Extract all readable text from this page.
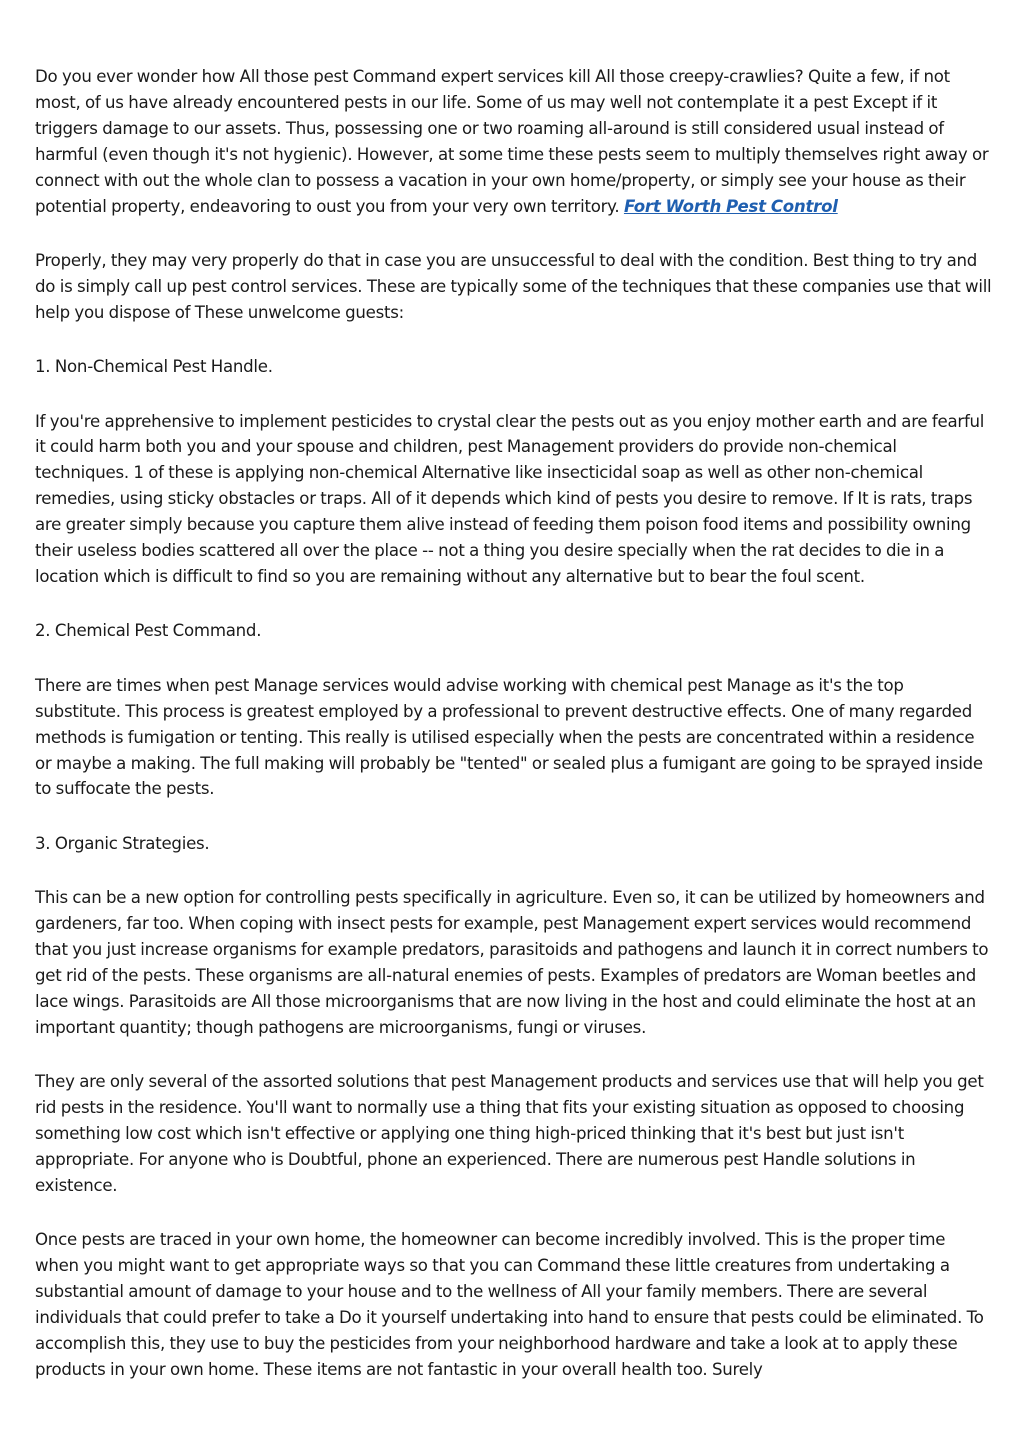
Do you ever wonder how All those pest Command expert services kill All those creepy-crawlies? Quite a few, if not most, of us have already encountered pests in our life. Some of us may well not contemplate it a pest Except if it triggers damage to our assets. Thus, possessing one or two roaming all-around is still considered usual instead of harmful (even though it's not hygienic). However, at some time these pests seem to multiply themselves right away or connect with out the whole clan to possess a vacation in your own home/property, or simply see your house as their potential property, endeavoring to oust you from your very own territory. Fort Worth Pest Control

Properly, they may very properly do that in case you are unsuccessful to deal with the condition. Best thing to try and do is simply call up pest control services. These are typically some of the techniques that these companies use that will help you dispose of These unwelcome guests:

1. Non-Chemical Pest Handle.

If you're apprehensive to implement pesticides to crystal clear the pests out as you enjoy mother earth and are fearful it could harm both you and your spouse and children, pest Management providers do provide non-chemical techniques. 1 of these is applying non-chemical Alternative like insecticidal soap as well as other non-chemical remedies, using sticky obstacles or traps. All of it depends which kind of pests you desire to remove. If It is rats, traps are greater simply because you capture them alive instead of feeding them poison food items and possibility owning their useless bodies scattered all over the place -- not a thing you desire specially when the rat decides to die in a location which is difficult to find so you are remaining without any alternative but to bear the foul scent.

2. Chemical Pest Command.

There are times when pest Manage services would advise working with chemical pest Manage as it's the top substitute. This process is greatest employed by a professional to prevent destructive effects. One of many regarded methods is fumigation or tenting. This really is utilised especially when the pests are concentrated within a residence or maybe a making. The full making will probably be "tented" or sealed plus a fumigant are going to be sprayed inside to suffocate the pests.

3. Organic Strategies.

This can be a new option for controlling pests specifically in agriculture. Even so, it can be utilized by homeowners and gardeners, far too. When coping with insect pests for example, pest Management expert services would recommend that you just increase organisms for example predators, parasitoids and pathogens and launch it in correct numbers to get rid of the pests. These organisms are all-natural enemies of pests. Examples of predators are Woman beetles and lace wings. Parasitoids are All those microorganisms that are now living in the host and could eliminate the host at an important quantity; though pathogens are microorganisms, fungi or viruses.

They are only several of the assorted solutions that pest Management products and services use that will help you get rid pests in the residence. You'll want to normally use a thing that fits your existing situation as opposed to choosing something low cost which isn't effective or applying one thing high-priced thinking that it's best but just isn't appropriate. For anyone who is Doubtful, phone an experienced. There are numerous pest Handle solutions in existence.

Once pests are traced in your own home, the homeowner can become incredibly involved. This is the proper time when you might want to get appropriate ways so that you can Command these little creatures from undertaking a substantial amount of damage to your house and to the wellness of All your family members. There are several individuals that could prefer to take a Do it yourself undertaking into hand to ensure that pests could be eliminated. To accomplish this, they use to buy the pesticides from your neighborhood hardware and take a look at to apply these products in your own home. These items are not fantastic in your overall health too. Surely
